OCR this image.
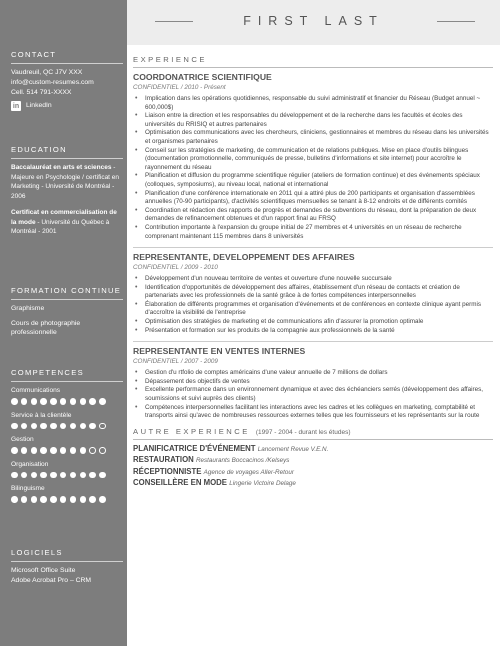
CONTACT
Vaudreuil, QC J7V XXX
info@custom-resumes.com
Cell. 514 791-XXXX
in LinkedIn
EDUCATION
Baccalauréat en arts et sciences - Majeure en Psychologie / certificat en Marketing - Université de Montréal - 2006
Certificat en commercialisation de la mode - Université du Québec à Montréal - 2001
FORMATION CONTINUE
Graphisme
Cours de photographie professionnelle
COMPETENCES
Communications
Service à la clientèle
Gestion
Organisation
Bilinguisme
LOGICIELS
Microsoft Office Suite
Adobe Acrobat Pro – CRM
FIRST LAST
EXPERIENCE
COORDONATRICE SCIENTIFIQUE
CONFIDENTIEL / 2010 - Présent
• Implication dans les opérations quotidiennes, responsable du suivi administratif et financier du Réseau (Budget annuel ~ 600,000$)
• Liaison entre la direction et les responsables du développement et de la recherche dans les facultés et écoles des universités du RRISIQ et autres partenaires
• Optimisation des communications avec les chercheurs, cliniciens, gestionnaires et membres du réseau dans les universités et organismes partenaires
• Conseil sur les stratégies de marketing, de communication et de relations publiques. Mise en place d'outils bilingues (documentation promotionnelle, communiqués de presse, bulletins d'informations et site internet) pour accroître le rayonnement du réseau
• Planification et diffusion du programme scientifique régulier (ateliers de formation continue) et des événements spéciaux (colloques, symposiums), au niveau local, national et international
• Planification d'une conférence internationale en 2011 qui a attiré plus de 200 participants et organisation d'assemblées annuelles (70-90 participants), d'activités scientifiques mensuelles se tenant à 8-12 endroits et de différents comités
• Coordination et rédaction des rapports de progrès et demandes de subventions du réseau, dont la préparation de deux demandes de refinancement obtenues et d'un rapport final au FRSQ
• Contribution importante à l'expansion du groupe initial de 27 membres et 4 universités en un réseau de recherche comprenant maintenant 115 membres dans 8 universités
REPRESENTANTE, DEVELOPPEMENT DES AFFAIRES
CONFIDENTIEL / 2009 - 2010
• Développement d'un nouveau territoire de ventes et ouverture d'une nouvelle succursale
• Identification d'opportunités de développement des affaires, établissement d'un réseau de contacts et création de partenariats avec les professionnels de la santé grâce à de fortes compétences interpersonnelles
• Élaboration de différents programmes et organisation d'événements et de conférences en contexte clinique ayant permis d'accroître la visibilité de l'entreprise
• Optimisation des stratégies de marketing et de communications afin d'assurer la promotion optimale
• Présentation et formation sur les produits de la compagnie aux professionnels de la santé
REPRESENTANTE EN VENTES INTERNES
CONFIDENTIEL / 2007 - 2009
• Gestion d'u rtfolio de comptes américains d'une valeur annuelle de 7 millions de dollars
• Dépassement des objectifs de ventes
• Excellente performance dans un environnement dynamique et avec des échéanciers serrés (développement des affaires, soumissions et suivi auprès des clients)
• Compétences interpersonnelles facilitant les interactions avec les cadres et les collègues en marketing, comptabilité et transports ainsi qu'avec de nombreuses ressources externes telles que les fournisseurs et les représentants sur la route
AUTRE EXPERIENCE (1997 - 2004 - durant les études)
PLANIFICATRICE D'ÉVÉNEMENT Lancement Revue V.E.N.
RESTAURATION Restaurants Boccacinos /Kelseys
RÉCEPTIONNISTE Agence de voyages Aller-Retour
CONSEILLÈRE EN MODE Lingerie Victoire Delage
